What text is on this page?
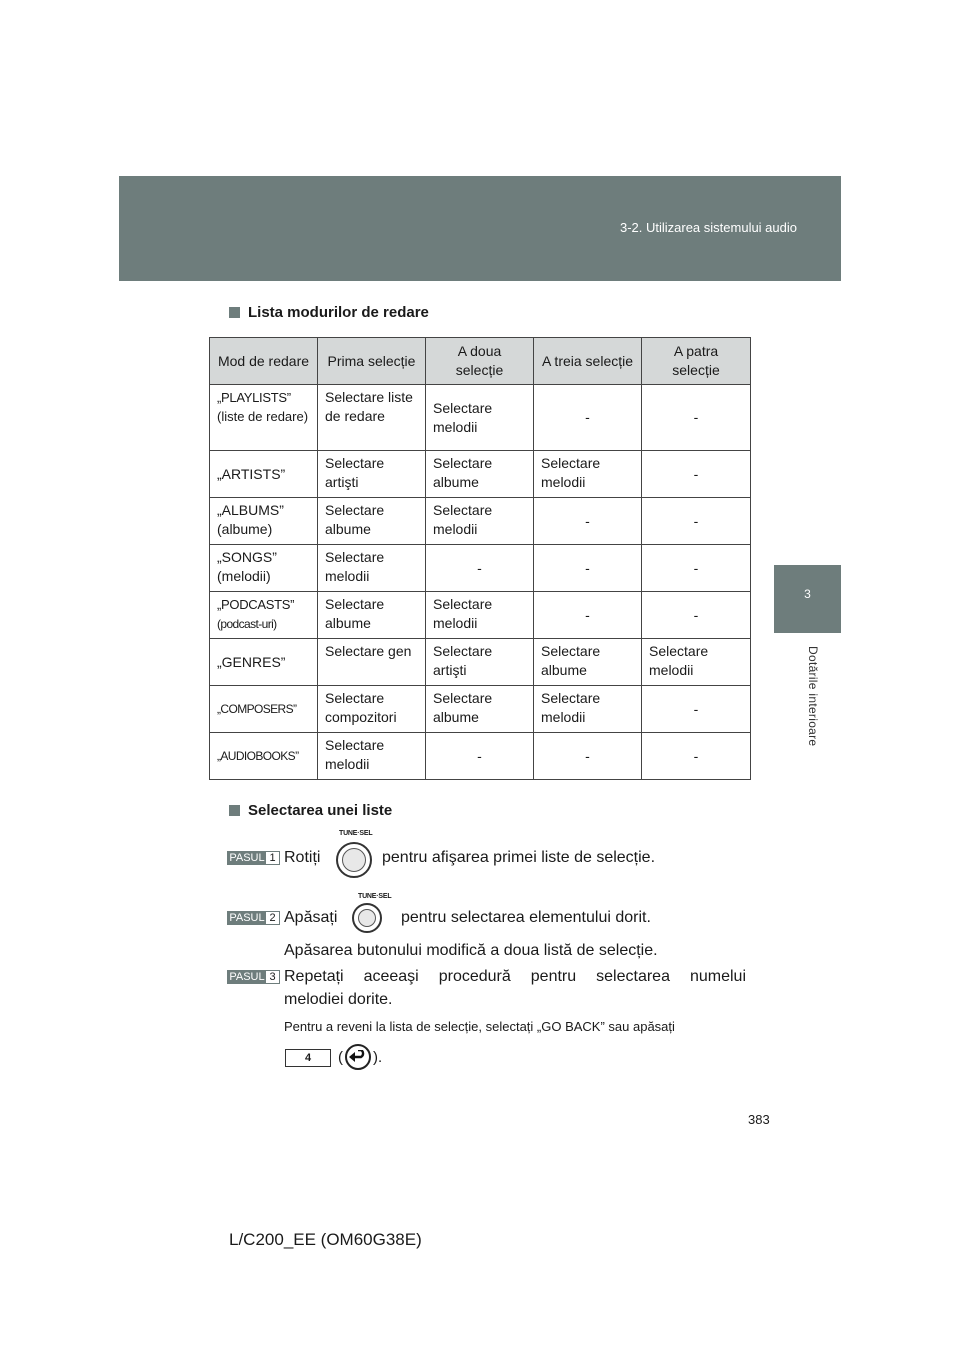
3-2. Utilizarea sistemului audio
3
Dotările interioare
Lista modurilor de redare
Mod de redare	Prima selecție	A doua selecție	A treia selecție	A patra selecție
„PLAYLISTS”
(liste de redare)	Selectare liste de redare	Selectare melodii	-	-
„ARTISTS”	Selectare artişti	Selectare albume	Selectare melodii	-
„ALBUMS”
(albume)	Selectare albume	Selectare melodii	-	-
„SONGS”
(melodii)	Selectare melodii	-	-	-
„PODCASTS”
(podcast-uri)	Selectare albume	Selectare melodii	-	-
„GENRES”	Selectare gen	Selectare artişti	Selectare albume	Selectare melodii
„COMPOSERS”	Selectare compozitori	Selectare albume	Selectare melodii	-
„AUDIOBOOKS”	Selectare melodii	-	-	-
Selectarea unei liste
PASUL 1 Rotiți
TUNE·SEL
pentru afişarea primei liste de selecție.
PASUL 2 Apăsați
TUNE·SEL
pentru selectarea elementului dorit.
Apăsarea butonului modifică a doua listă de selecție.
PASUL 3 Repetați aceeaşi procedură pentru selectarea numelui
melodiei dorite.
Pentru a reveni la lista de selecție, selectați „GO BACK” sau apăsați
4	( ).
383
L/C200_EE (OM60G38E)
